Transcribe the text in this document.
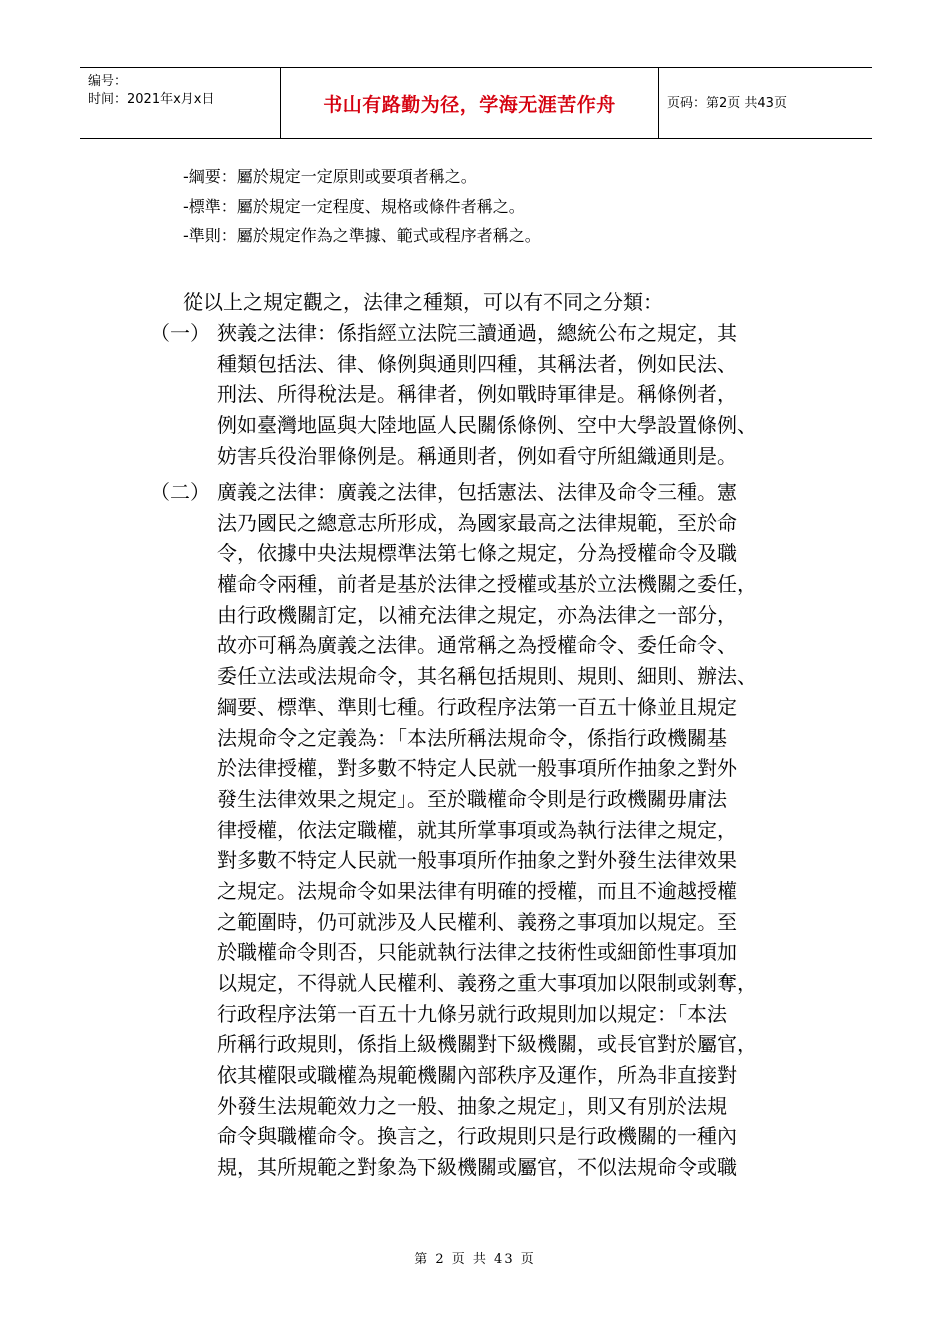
编号：
时间：2021年x月x日	书山有路勤为径，学海无涯苦作舟	页码：第2页 共43页
-綱要：屬於規定一定原則或要項者稱之。
-標準：屬於規定一定程度、規格或條件者稱之。
-準則：屬於規定作為之準據、範式或程序者稱之。
從以上之規定觀之，法律之種類，可以有不同之分類：
（一） 狹義之法律：係指經立法院三讀通過，總統公布之規定，其
種類包括法、律、條例與通則四種，其稱法者，例如民法、
刑法、所得稅法是。稱律者，例如戰時軍律是。稱條例者，
例如臺灣地區與大陸地區人民關係條例、空中大學設置條例、
妨害兵役治罪條例是。稱通則者，例如看守所組織通則是。
（二） 廣義之法律：廣義之法律，包括憲法、法律及命令三種。憲
法乃國民之總意志所形成，為國家最高之法律規範，至於命
令，依據中央法規標準法第七條之規定，分為授權命令及職
權命令兩種，前者是基於法律之授權或基於立法機關之委任，
由行政機關訂定，以補充法律之規定，亦為法律之一部分，
故亦可稱為廣義之法律。通常稱之為授權命令、委任命令、
委任立法或法規命令，其名稱包括規則、規則、細則、辦法、
綱要、標準、準則七種。行政程序法第一百五十條並且規定
法規命令之定義為：「本法所稱法規命令，係指行政機關基
於法律授權，對多數不特定人民就一般事項所作抽象之對外
發生法律效果之規定」。至於職權命令則是行政機關毋庸法
律授權，依法定職權，就其所掌事項或為執行法律之規定，
對多數不特定人民就一般事項所作抽象之對外發生法律效果
之規定。法規命令如果法律有明確的授權，而且不逾越授權
之範圍時，仍可就涉及人民權利、義務之事項加以規定。至
於職權命令則否，只能就執行法律之技術性或細節性事項加
以規定，不得就人民權利、義務之重大事項加以限制或剝奪，
行政程序法第一百五十九條另就行政規則加以規定：「本法
所稱行政規則，係指上級機關對下級機關，或長官對於屬官，
依其權限或職權為規範機關內部秩序及運作，所為非直接對
外發生法規範效力之一般、抽象之規定」，則又有別於法規
命令與職權命令。換言之，行政規則只是行政機關的一種內
規，其所規範之對象為下級機關或屬官，不似法規命令或職
第 2 页 共 43 页
